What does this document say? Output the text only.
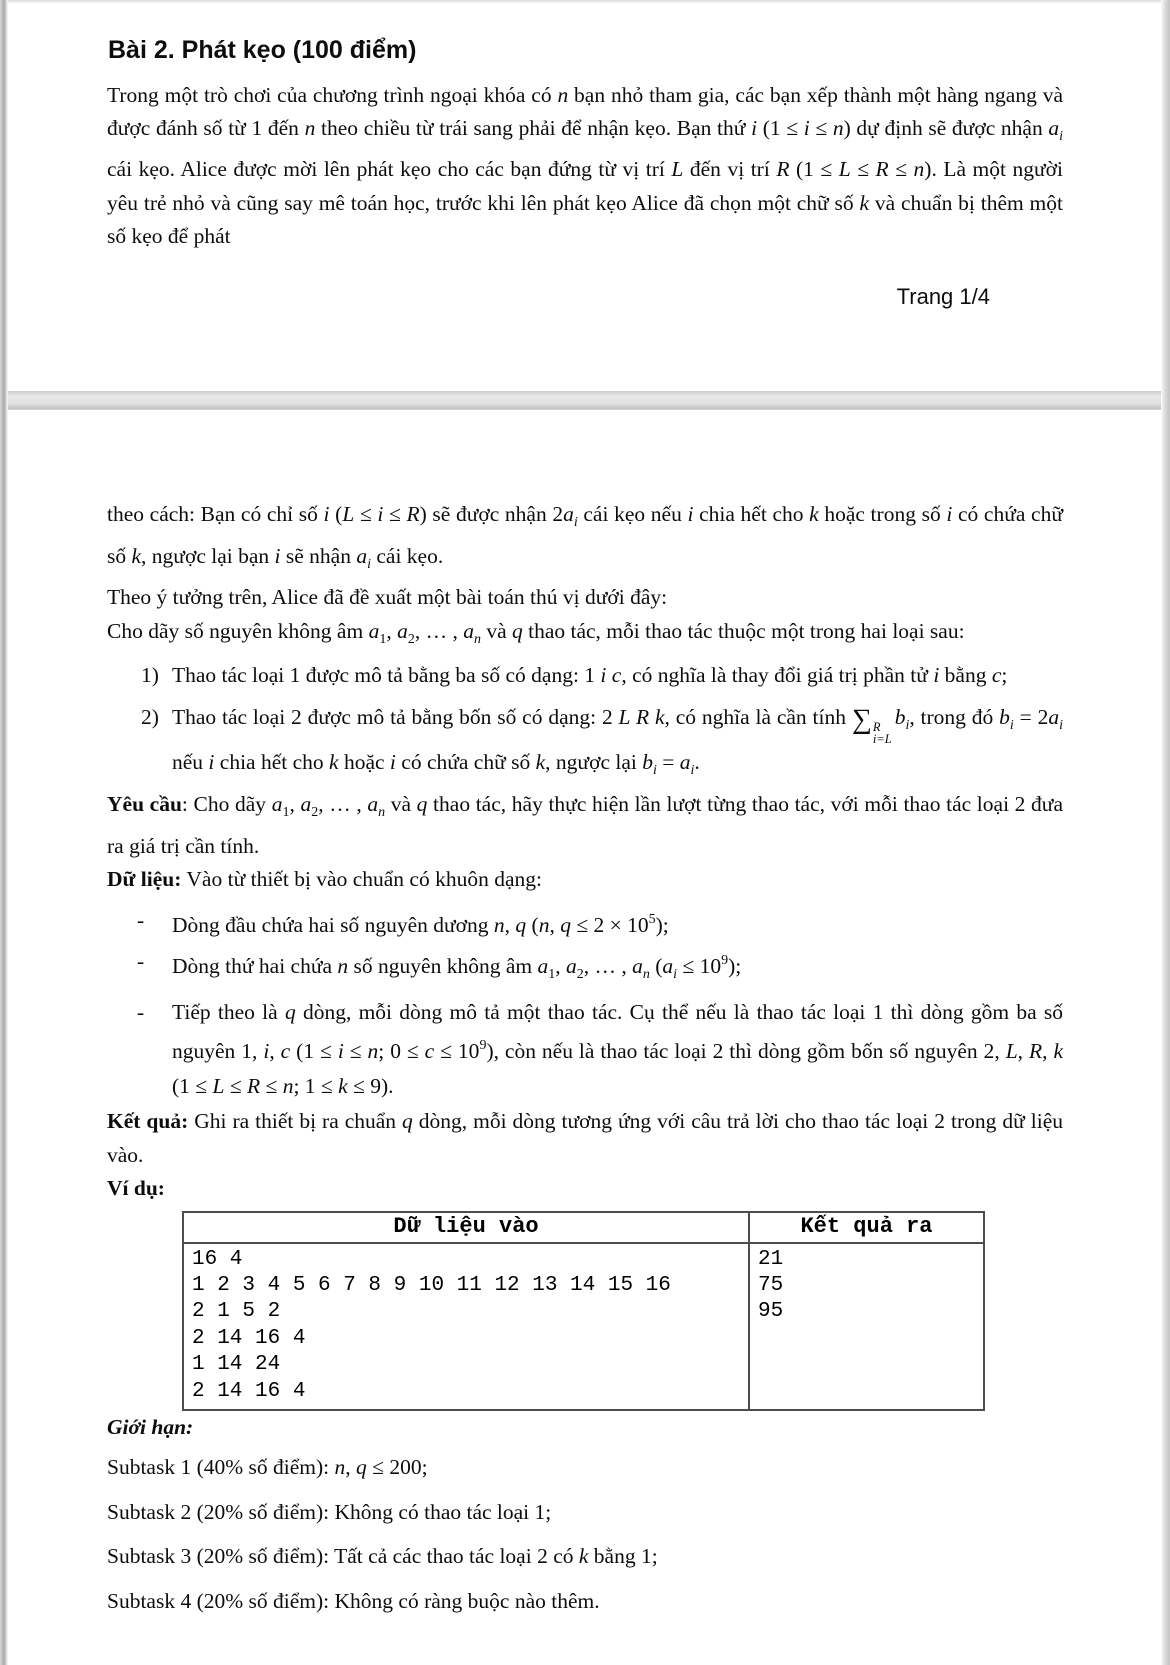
Bài 2. Phát kẹo (100 điểm)

Trong một trò chơi của chương trình ngoại khóa có n bạn nhỏ tham gia, các bạn xếp thành một hàng ngang và được đánh số từ 1 đến n theo chiều từ trái sang phải để nhận kẹo. Bạn thứ i (1 ≤ i ≤ n) dự định sẽ được nhận $a_i$ cái kẹo. Alice được mời lên phát kẹo cho các bạn đứng từ vị trí L đến vị trí R (1 ≤ L ≤ R ≤ n). Là một người yêu trẻ nhỏ và cũng say mê toán học, trước khi lên phát kẹo Alice đã chọn một chữ số k và chuẩn bị thêm một số kẹo để phát

Trang 1/4

theo cách: Bạn có chỉ số i (L ≤ i ≤ R) sẽ được nhận $2a_i$ cái kẹo nếu i chia hết cho k hoặc trong số i có chứa chữ số k, ngược lại bạn i sẽ nhận $a_i$ cái kẹo.

Theo ý tưởng trên, Alice đã đề xuất một bài toán thú vị dưới đây:

Cho dãy số nguyên không âm $a_1$, $a_2$, … , $a_n$ và q thao tác, mỗi thao tác thuộc một trong hai loại sau:

1) Thao tác loại 1 được mô tả bằng ba số có dạng: 1 i c, có nghĩa là thay đổi giá trị phần tử i bằng c;
2) Thao tác loại 2 được mô tả bằng bốn số có dạng: 2 L R k, có nghĩa là cần tính ∑ R
i=L
$b_i$, trong đó $b_i = 2a_i$ nếu i chia hết cho k hoặc i có chứa chữ số k, ngược lại $b_i = a_i$.

Yêu cầu: Cho dãy $a_1$, $a_2$, … , $a_n$ và q thao tác, hãy thực hiện lần lượt từng thao tác, với mỗi thao tác loại 2 đưa ra giá trị cần tính.

Dữ liệu: Vào từ thiết bị vào chuẩn có khuôn dạng:

- Dòng đầu chứa hai số nguyên dương n, q (n, $q \le 2 \times 10^5$);
- Dòng thứ hai chứa n số nguyên không âm $a_1$, $a_2$, … , $a_n$ $(a_i \le 10^9)$;
- Tiếp theo là q dòng, mỗi dòng mô tả một thao tác. Cụ thể nếu là thao tác loại 1 thì dòng gồm ba số nguyên 1, i, c (1 ≤ i ≤ n; $0 \le c \le 10^9$), còn nếu là thao tác loại 2 thì dòng gồm bốn số nguyên 2, L, R, k (1 ≤ L ≤ R ≤ n; 1 ≤ k ≤ 9).

Kết quả: Ghi ra thiết bị ra chuẩn q dòng, mỗi dòng tương ứng với câu trả lời cho thao tác loại 2 trong dữ liệu vào.

Ví dụ:

Dữ liệu vào
16 4
1 2 3 4 5 6 7 8 9 10 11 12 13 14 15 16
2 1 5 2
2 14 16 4
1 14 24
2 14 16 4
Kết quả ra
21
75
95

Giới hạn:

Subtask 1 (40% số điểm): n, q ≤ 200;
Subtask 2 (20% số điểm): Không có thao tác loại 1;
Subtask 3 (20% số điểm): Tất cả các thao tác loại 2 có k bằng 1;
Subtask 4 (20% số điểm): Không có ràng buộc nào thêm.
